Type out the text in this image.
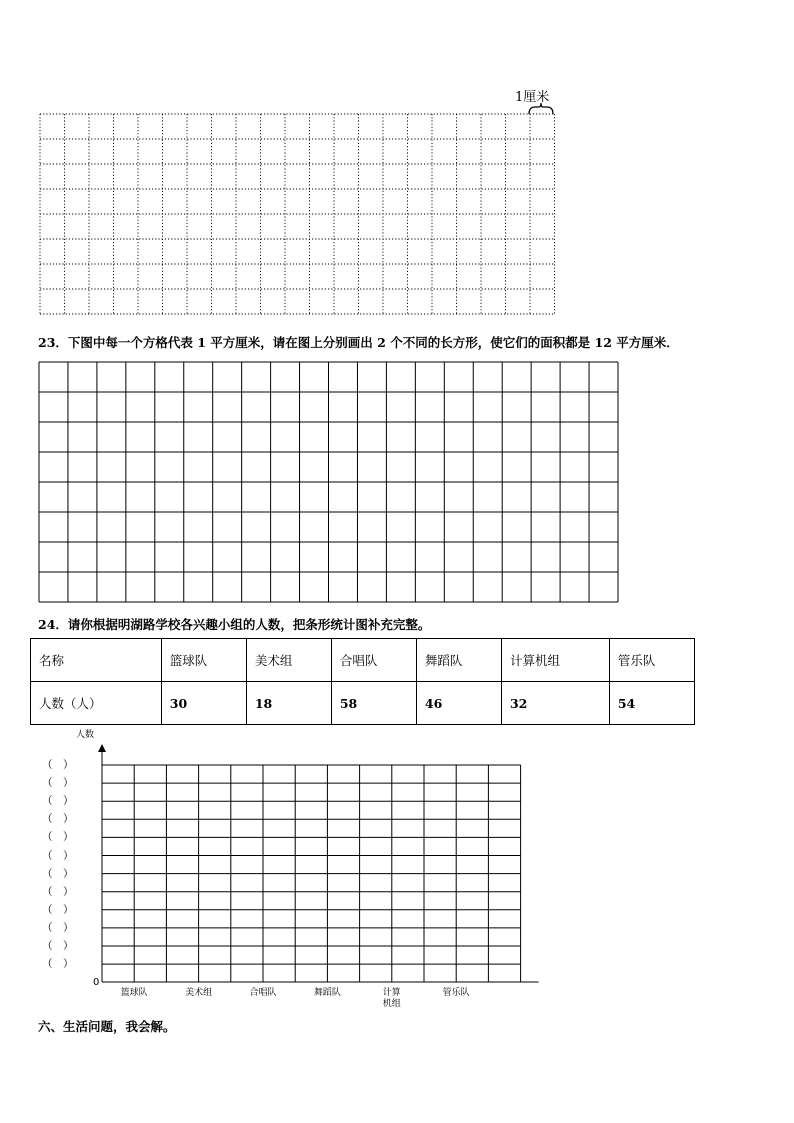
1厘米
23．下图中每一个方格代表 1 平方厘米，请在图上分别画出 2 个不同的长方形，使它们的面积都是 12 平方厘米．
24．请你根据明湖路学校各兴趣小组的人数，把条形统计图补充完整。
名称	篮球队	美术组	合唱队	舞蹈队	计算机组	管乐队
人数（人）	30	18	58	46	32	54
人数
（　）
（　）
（　）
（　）
（　）
（　）
（　）
（　）
（　）
（　）
（　）
（　）
0
篮球队	美术组	合唱队	舞蹈队	计算
机组
管乐队
六、生活问题，我会解。
